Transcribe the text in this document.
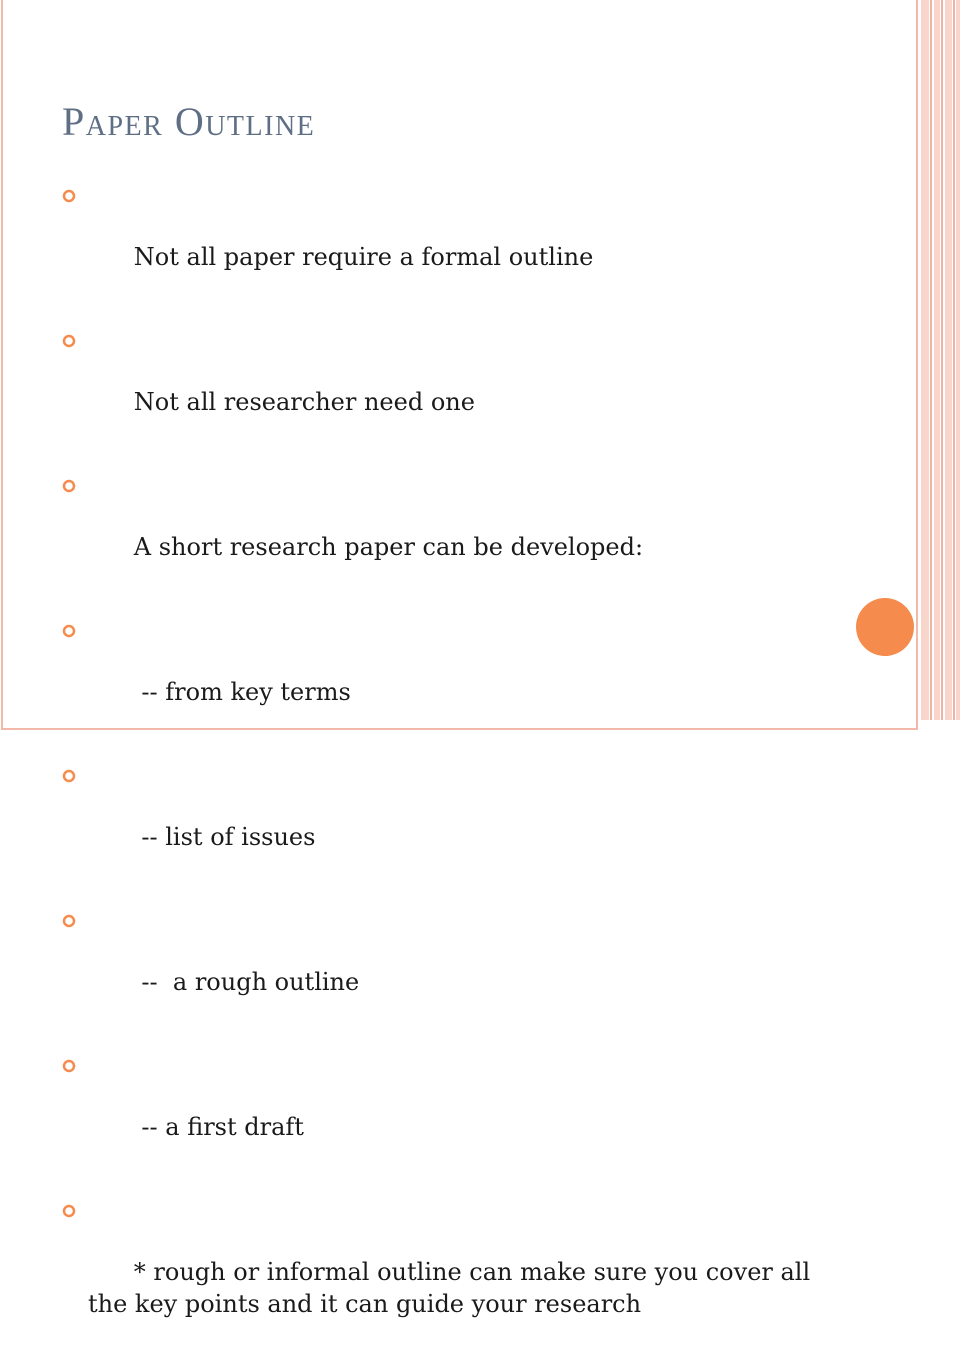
Paper Outline

Not all paper require a formal outline

Not all researcher need one

A short research paper can be developed:

-- from key terms

-- list of issues

--  a rough outline

-- a first draft

* rough or informal outline can make sure you cover all the key points and it can guide your research
